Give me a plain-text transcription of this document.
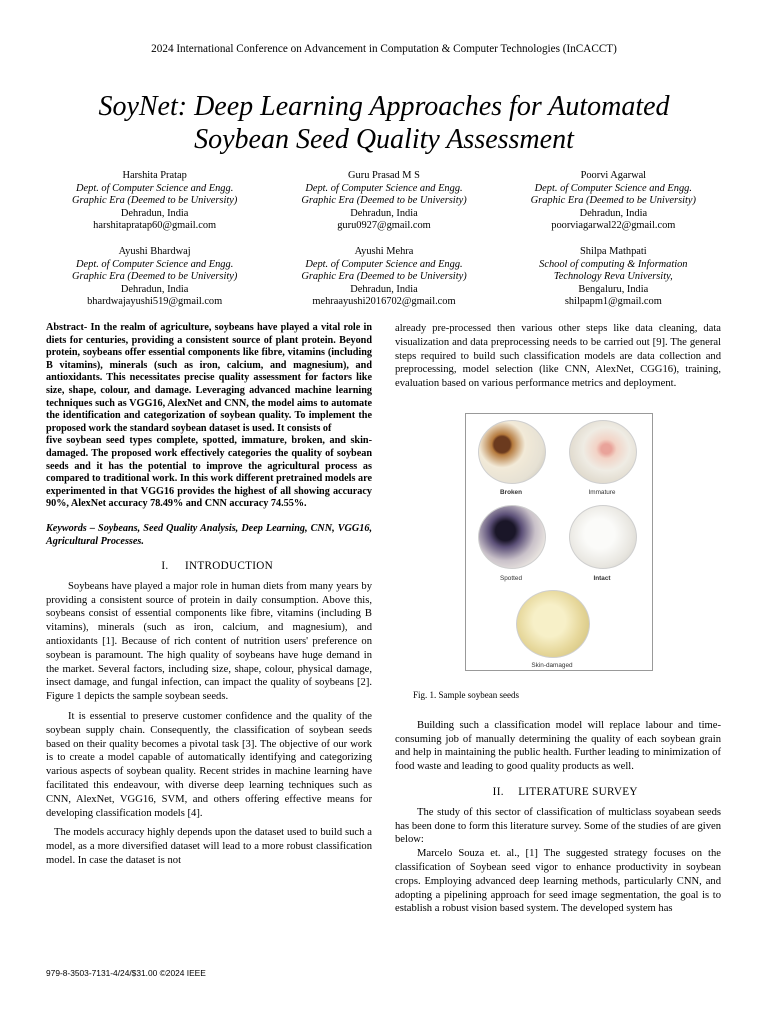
2024 International Conference on Advancement in Computation & Computer Technologies (InCACCT)
SoyNet: Deep Learning Approaches for Automated
Soybean Seed Quality Assessment
Harshita Pratap
Dept. of Computer Science and Engg.
Graphic Era (Deemed to be University)
Dehradun, India
harshitapratap60@gmail.com
Guru Prasad M S
Dept. of Computer Science and Engg.
Graphic Era (Deemed to be University)
Dehradun, India
guru0927@gmail.com
Poorvi Agarwal
Dept. of Computer Science and Engg.
Graphic Era (Deemed to be University)
Dehradun, India
poorviagarwal22@gmail.com
Ayushi Bhardwaj
Dept. of Computer Science and Engg.
Graphic Era (Deemed to be University)
Dehradun, India
bhardwajayushi519@gmail.com
Ayushi Mehra
Dept. of Computer Science and Engg.
Graphic Era (Deemed to be University)
Dehradun, India
mehraayushi2016702@gmail.com
Shilpa Mathpati
School of computing & Information
Technology Reva University,
Bengaluru, India
shilpapm1@gmail.com

Abstract- In the realm of agriculture, soybeans have played a vital role in diets for centuries, providing a consistent source of plant protein. Beyond protein, soybeans offer essential components like fibre, vitamins (including B vitamins), minerals (such as iron, calcium, and magnesium), and antioxidants. This necessitates precise quality assessment for factors like size, shape, colour, and damage. Leveraging advanced machine learning techniques such as VGG16, AlexNet and CNN, the model aims to automate the identification and categorization of soybean quality. To implement the proposed work the standard soybean dataset is used. It consists of

five soybean seed types complete, spotted, immature, broken, and skin-damaged. The proposed work effectively categories the quality of soybean seeds and it has the potential to improve the agricultural process as compared to traditional work. In this work different pretrained models are experimented in that VGG16 provides the highest of all showing accuracy 90%, AlexNet accuracy 78.49% and CNN accuracy 74.55%.

Keywords – Soybeans, Seed Quality Analysis, Deep Learning, CNN, VGG16, Agricultural Processes.

I. INTRODUCTION

Soybeans have played a major role in human diets from many years by providing a consistent source of protein in daily consumption. Above this, soybeans consist of essential components like fibre, vitamins (including B vitamins), minerals (such as iron, calcium, and magnesium), and antioxidants [1]. Because of rich content of nutrition users' preference on soybean is paramount. The high quality of soybeans have huge demand in the market. Several factors, including size, shape, colour, physical damage, insect damage, and fungal infection, can impact the quality of soybeans [2]. Figure 1 depicts the sample soybean seeds.

It is essential to preserve customer confidence and the quality of the soybean supply chain. Consequently, the classification of soybean seeds based on their quality becomes a pivotal task [3]. The objective of our work is to create a model capable of automatically identifying and categorizing various aspects of soybean quality. Recent strides in machine learning have facilitated this endeavour, with diverse deep learning techniques such as CNN, AlexNet, VGG16, SVM, and others offering effective means for developing classification models [4].

The models accuracy highly depends upon the dataset used to build such a model, as a more diversified dataset will lead to a more robust classification model. In case the dataset is not

already pre-processed then various other steps like data cleaning, data visualization and data preprocessing needs to be carried out [9]. The general steps required to build such classification models are data collection and preprocessing, model selection (like CNN, AlexNet, CGG16), training, evaluation based on various performance metrics and deployment.

Broken	Immature
Spotted	Intact
Skin-damaged
Fig. 1. Sample soybean seeds

Building such a classification model will replace labour and time-consuming job of manually determining the quality of each soybean grain and help in maintaining the public health. Further leading to minimization of food waste and leading to good quality products as well.

II. LITERATURE SURVEY

The study of this sector of classification of multiclass soyabean seeds has been done to form this literature survey. Some of the studies of are given below:

Marcelo Souza et. al., [1] The suggested strategy focuses on the classification of Soybean seed vigor to enhance productivity in soybean crops. Employing advanced deep learning methods, particularly CNN, and adopting a pipelining approach for seed image segmentation, the goal is to establish a robust vision based system. The developed system has

979-8-3503-7131-4/24/$31.00 ©2024 IEEE
